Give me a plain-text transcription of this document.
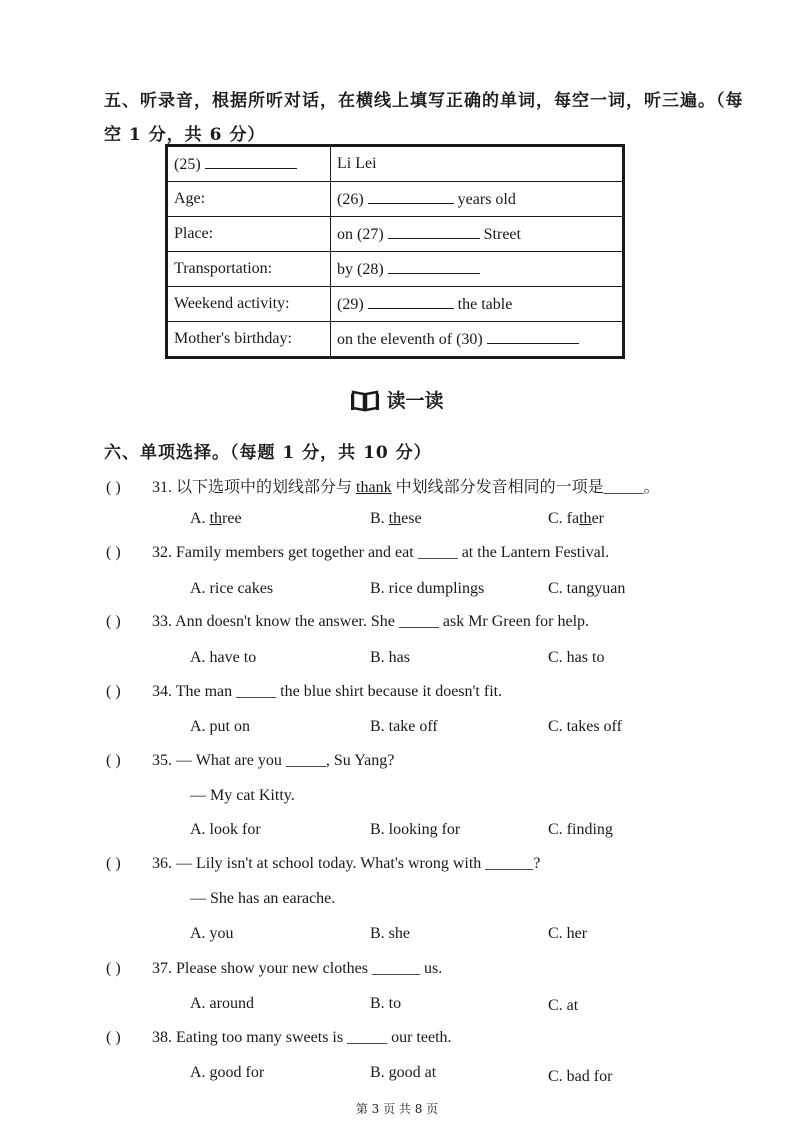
五、听录音，根据所听对话，在横线上填写正确的单词，每空一词，听三遍。（每
空 1 分，共 6 分）
(25)	Li Lei
Age:	(26) years old
Place:	on (27) Street
Transportation:	by (28)
Weekend activity:	(29) the table
Mother's birthday:	on the eleventh of (30)
读一读
六、单项选择。（每题 1 分，共 10 分）
( ) 31. 以下选项中的划线部分与 thank 中划线部分发音相同的一项是_____。
A. three	B. these	C. father
( ) 32. Family members get together and eat _____ at the Lantern Festival.
A. rice cakes	B. rice dumplings	C. tangyuan
( ) 33. Ann doesn't know the answer. She _____ ask Mr Green for help.
A. have to	B. has	C. has to
( ) 34. The man _____ the blue shirt because it doesn't fit.
A. put on	B. take off	C. takes off
( ) 35. — What are you _____, Su Yang?
— My cat Kitty.
A. look for	B. looking for	C. finding
( ) 36. — Lily isn't at school today. What's wrong with ______?
— She has an earache.
A. you	B. she	C. her
( ) 37. Please show your new clothes ______ us.
A. around	B. to	C. at
( ) 38. Eating too many sweets is _____ our teeth.
A. good for	B. good at	C. bad for
第 3 页 共 8 页
